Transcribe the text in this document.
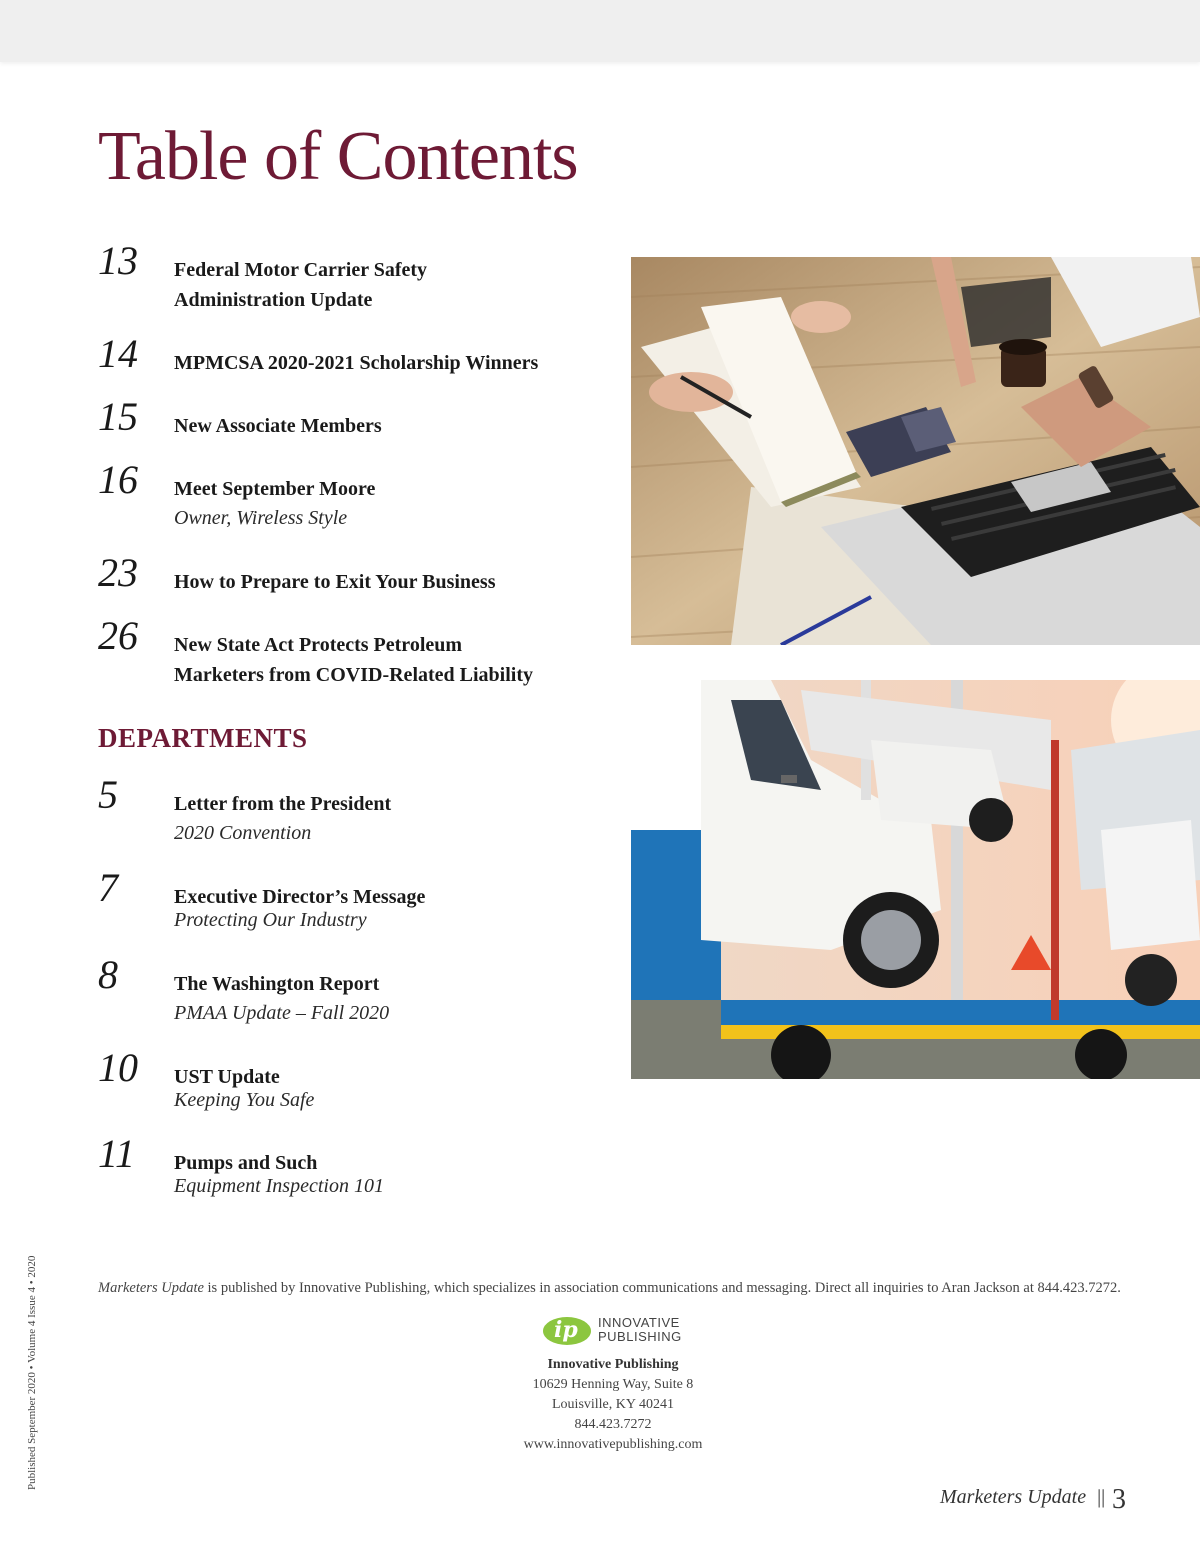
Table of Contents
13 Federal Motor Carrier Safety
Administration Update
14 MPMCSA 2020-2021 Scholarship Winners
15 New Associate Members
16 Meet September Moore
Owner, Wireless Style
23 How to Prepare to Exit Your Business
26 New State Act Protects Petroleum
Marketers from COVID-Related Liability
DEPARTMENTS
5	Letter from the President
2020 Convention
7	Executive Director’s Message
Protecting Our Industry
8	The Washington Report
PMAA Update – Fall 2020
10 UST Update
Keeping You Safe
11 Pumps and Such
Equipment Inspection 101
Published September 2020 • Volume 4 Issue 4 • 2020	Marketers Update is published by Innovative Publishing, which specializes in association communications and messaging. Direct all inquiries to Aran Jackson at 844.423.7272.
ip INNOVATIVE
PUBLISHING
Innovative Publishing
10629 Henning Way, Suite 8
Louisville, KY 40241
844.423.7272
www.innovativepublishing.com
Marketers Update || 3
